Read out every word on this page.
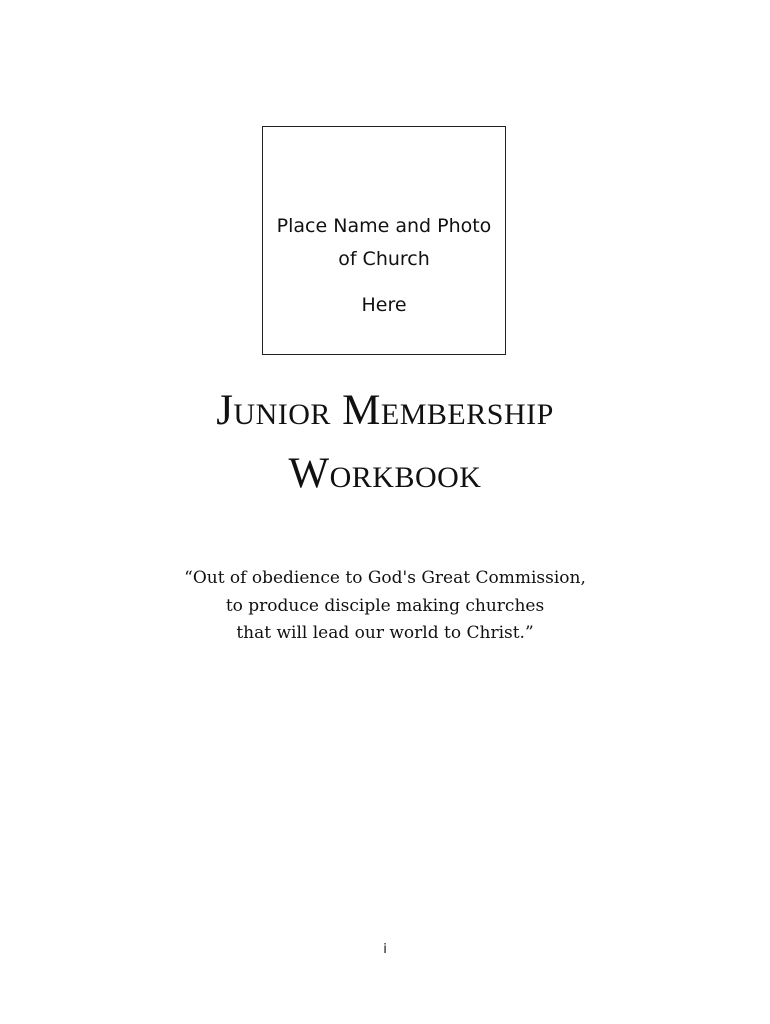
Place Name and Photo
of Church
Here
Junior Membership
Workbook
“Out of obedience to God's Great Commission,
to produce disciple making churches
that will lead our world to Christ.”
i
